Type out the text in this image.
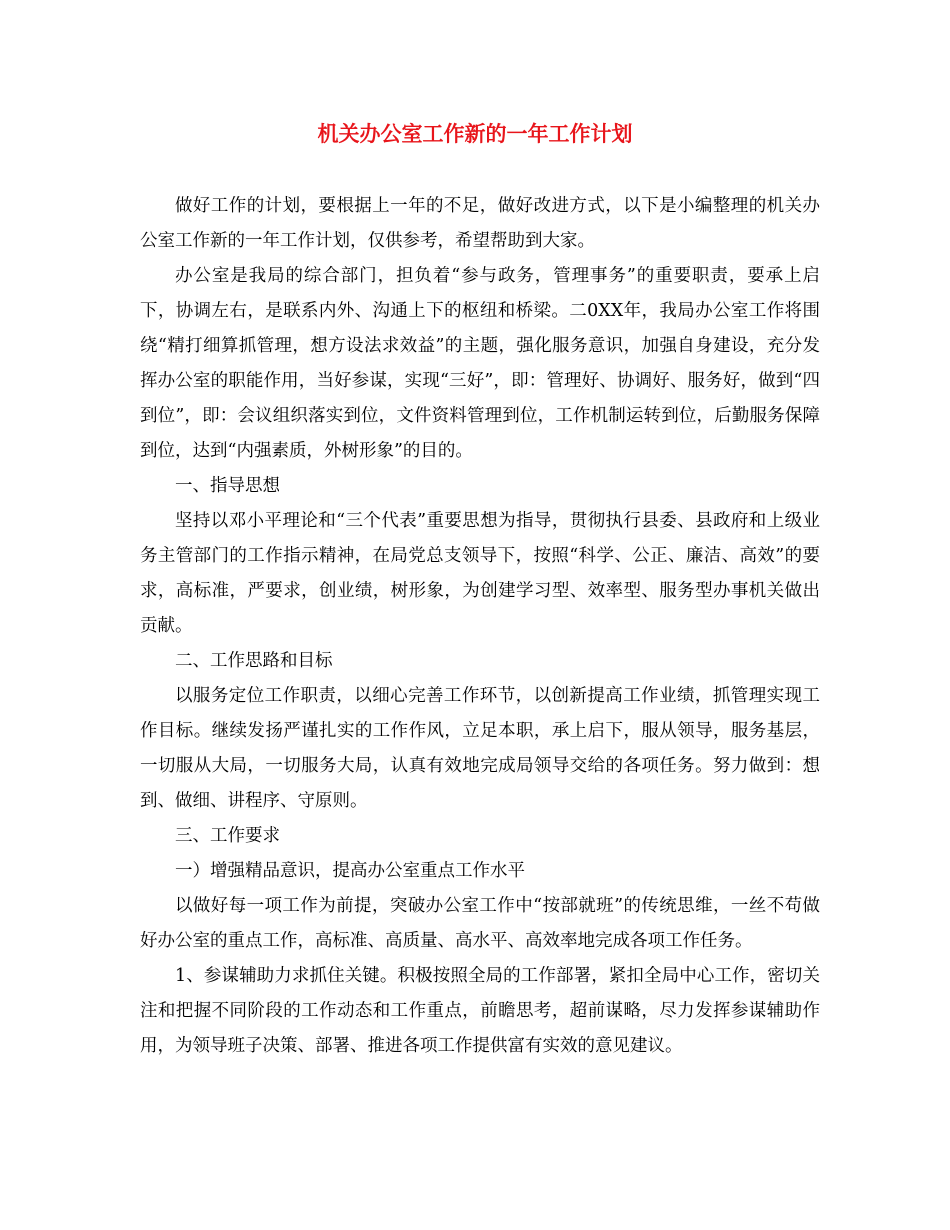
机关办公室工作新的一年工作计划

做好工作的计划，要根据上一年的不足，做好改进方式，以下是小编整理的机关办公室工作新的一年工作计划，仅供参考，希望帮助到大家。

办公室是我局的综合部门，担负着“参与政务，管理事务”的重要职责，要承上启下，协调左右，是联系内外、沟通上下的枢纽和桥梁。二0XX年，我局办公室工作将围绕“精打细算抓管理，想方设法求效益”的主题，强化服务意识，加强自身建设，充分发挥办公室的职能作用，当好参谋，实现“三好”，即：管理好、协调好、服务好，做到“四到位”，即：会议组织落实到位，文件资料管理到位，工作机制运转到位，后勤服务保障到位，达到“内强素质，外树形象”的目的。

一、指导思想

坚持以邓小平理论和“三个代表”重要思想为指导，贯彻执行县委、县政府和上级业务主管部门的工作指示精神，在局党总支领导下，按照“科学、公正、廉洁、高效”的要求，高标准，严要求，创业绩，树形象，为创建学习型、效率型、服务型办事机关做出贡献。

二、工作思路和目标

以服务定位工作职责，以细心完善工作环节，以创新提高工作业绩，抓管理实现工作目标。继续发扬严谨扎实的工作作风，立足本职，承上启下，服从领导，服务基层，一切服从大局，一切服务大局，认真有效地完成局领导交给的各项任务。努力做到：想到、做细、讲程序、守原则。

三、工作要求

一）增强精品意识，提高办公室重点工作水平

以做好每一项工作为前提，突破办公室工作中“按部就班”的传统思维，一丝不苟做好办公室的重点工作，高标准、高质量、高水平、高效率地完成各项工作任务。

1、参谋辅助力求抓住关键。积极按照全局的工作部署，紧扣全局中心工作，密切关注和把握不同阶段的工作动态和工作重点，前瞻思考，超前谋略，尽力发挥参谋辅助作用，为领导班子决策、部署、推进各项工作提供富有实效的意见建议。
